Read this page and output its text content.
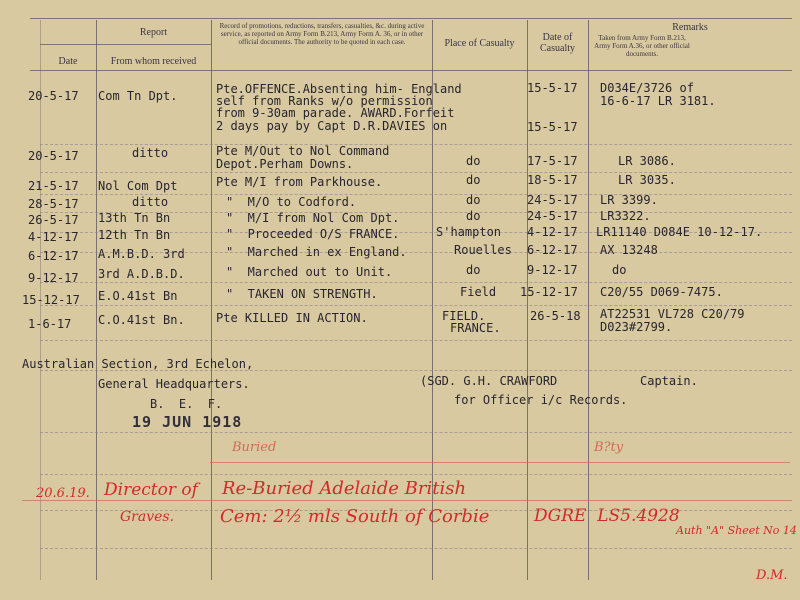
Report
Date	From whom received
Record of promotions, reductions, transfers, casualties, &c. during active service, as reported on Army Form B.213, Army Form A. 36, or in other official documents. The authority to be quoted in each case.	Place of Casualty
Date of Casualty
Remarks
Taken from Army Form B.213, Army Form A.36, or other official documents.
20-5-17 Com Tn Dpt.	Pte.OFFENCE.Absenting him- England	15-5-17 D034E/3726 of
self from Ranks w/o permission	16-6-17 LR 3181.
from 9-30am parade. AWARD.Forfeit
2 days pay by Capt D.R.DAVIES on	15-5-17
20-5-17	ditto	Pte M/Out to Nol Command
Depot.Perham Downs.	do	17-5-17	LR 3086.
21-5-17 Nol Com Dpt	Pte M/I from Parkhouse.	do	18-5-17	LR 3035.
28-5-17	ditto	"  M/O to Codford.	do	24-5-17 LR 3399.
26-5-17 13th Tn Bn	"  M/I from Nol Com Dpt.	do	24-5-17 LR3322.
4-12-17 12th Tn Bn	"  Proceeded O/S FRANCE.	S'hampton 4-12-17 LR11140 D084E 10-12-17.
6-12-17 A.M.B.D. 3rd	"  Marched in ex England.	Rouelles 6-12-17 AX 13248
9-12-17 3rd A.D.B.D.	"  Marched out to Unit.	do	9-12-17	do
15-12-17 E.O.41st Bn	"  TAKEN ON STRENGTH.	Field 15-12-17 C20/55 D069-7475.
1-6-17 C.O.41st Bn.	Pte KILLED IN ACTION.	FIELD.	26-5-18 AT22531 VL728 C20/79
FRANCE.	D023#2799.
Australian Section, 3rd Echelon,
General Headquarters.	(SGD. G.H. CRAWFORD	Captain.
B.  E.  F.	for Officer i/c Records.
19 JUN 1918
Buried	B?ty
20.6.19. Director of
Graves.
Re-Buried Adelaide British
Cem: 2½ mls South of Corbie	DGRE  LS5.4928
Auth "A" Sheet No 14
D.M.
